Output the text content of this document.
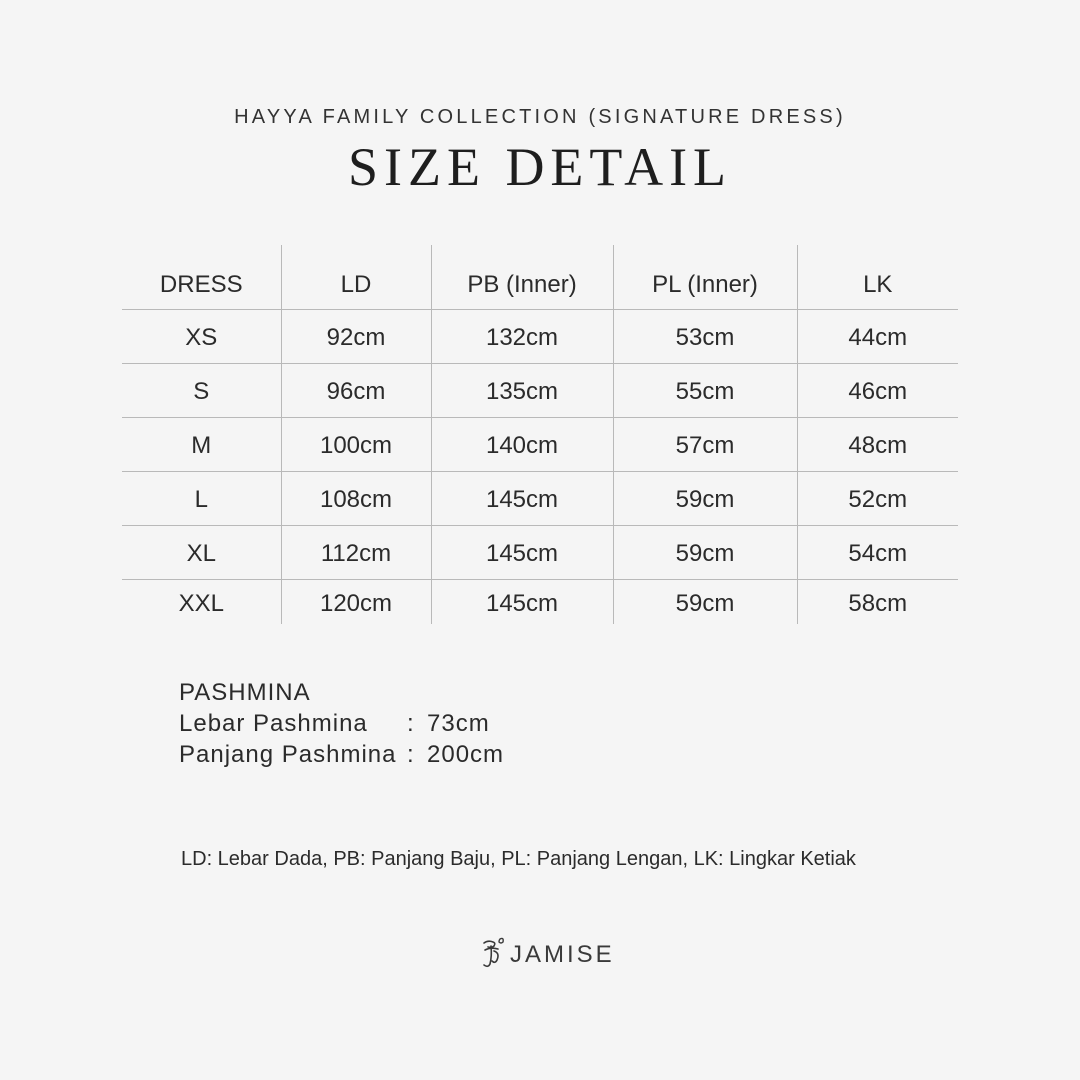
HAYYA FAMILY COLLECTION (SIGNATURE DRESS)
SIZE DETAIL
DRESS	LD	PB (Inner)	PL (Inner)	LK
XS	92cm	132cm	53cm	44cm
S	96cm	135cm	55cm	46cm
M	100cm	140cm	57cm	48cm
L	108cm	145cm	59cm	52cm
XL	112cm	145cm	59cm	54cm
XXL	120cm	145cm	59cm	58cm
PASHMINA
Lebar Pashmina	: 73cm
Panjang Pashmina : 200cm
LD: Lebar Dada, PB: Panjang Baju, PL: Panjang Lengan, LK: Lingkar Ketiak
JAMISE
